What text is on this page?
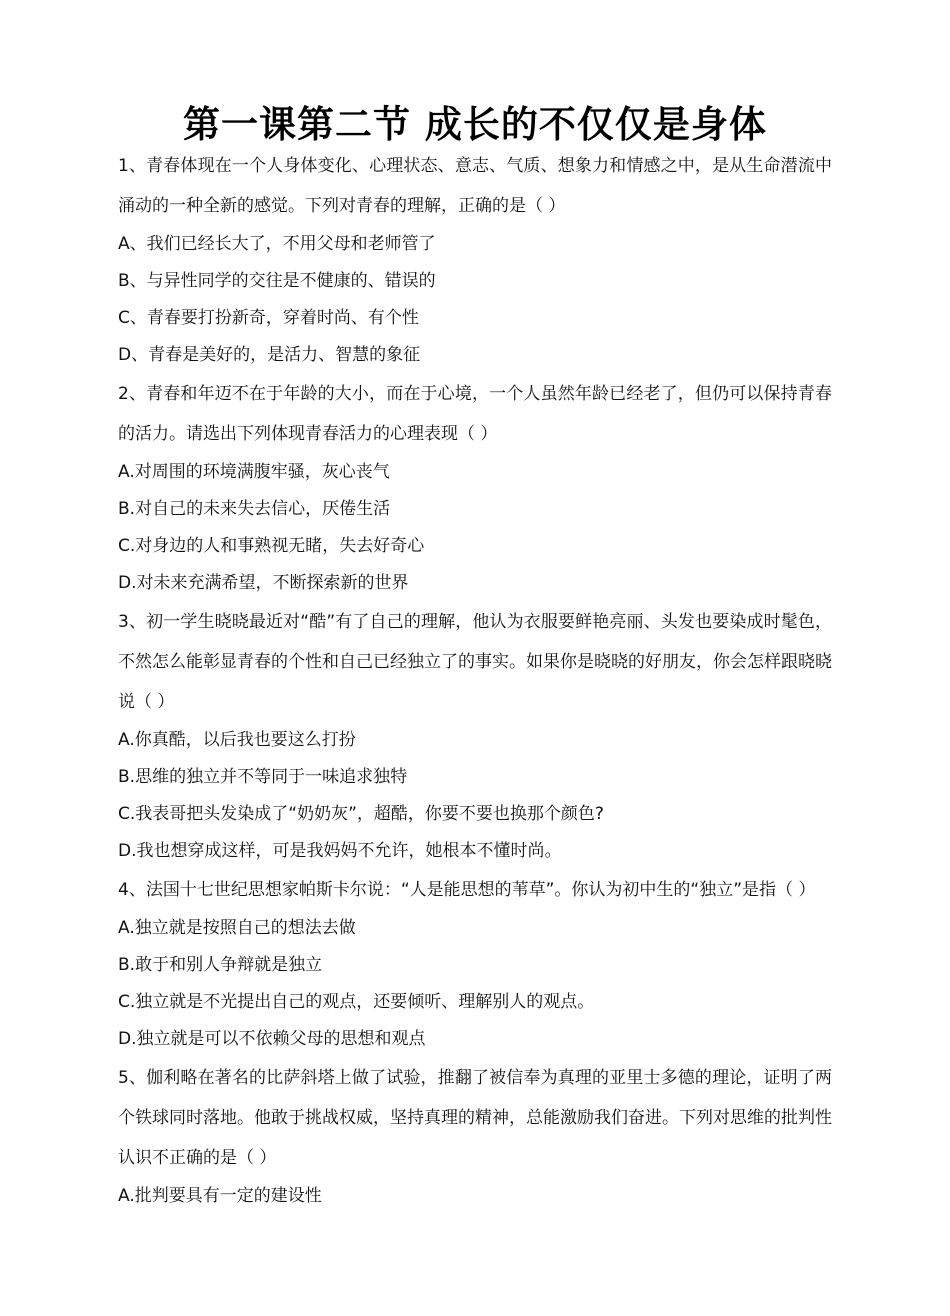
第一课第二节 成长的不仅仅是身体
1、青春体现在一个人身体变化、心理状态、意志、气质、想象力和情感之中，是从生命潜流中涌动的一种全新的感觉。下列对青春的理解，正确的是（ ）
A、我们已经长大了，不用父母和老师管了
B、与异性同学的交往是不健康的、错误的
C、青春要打扮新奇，穿着时尚、有个性
D、青春是美好的，是活力、智慧的象征
2、青春和年迈不在于年龄的大小，而在于心境，一个人虽然年龄已经老了，但仍可以保持青春的活力。请选出下列体现青春活力的心理表现（ ）
A.对周围的环境满腹牢骚，灰心丧气
B.对自己的未来失去信心，厌倦生活
C.对身边的人和事熟视无睹，失去好奇心
D.对未来充满希望，不断探索新的世界
3、初一学生晓晓最近对“酷”有了自己的理解，他认为衣服要鲜艳亮丽、头发也要染成时髦色，不然怎么能彰显青春的个性和自己已经独立了的事实。如果你是晓晓的好朋友，你会怎样跟晓晓说（ ）
A.你真酷，以后我也要这么打扮
B.思维的独立并不等同于一味追求独特
C.我表哥把头发染成了“奶奶灰”，超酷，你要不要也换那个颜色?
D.我也想穿成这样，可是我妈妈不允许，她根本不懂时尚。
4、法国十七世纪思想家帕斯卡尔说：“人是能思想的苇草”。你认为初中生的“独立”是指（ ）
A.独立就是按照自己的想法去做
B.敢于和别人争辩就是独立
C.独立就是不光提出自己的观点，还要倾听、理解别人的观点。
D.独立就是可以不依赖父母的思想和观点
5、伽利略在著名的比萨斜塔上做了试验，推翻了被信奉为真理的亚里士多德的理论，证明了两个铁球同时落地。他敢于挑战权威，坚持真理的精神，总能激励我们奋进。下列对思维的批判性认识不正确的是（ ）
A.批判要具有一定的建设性
